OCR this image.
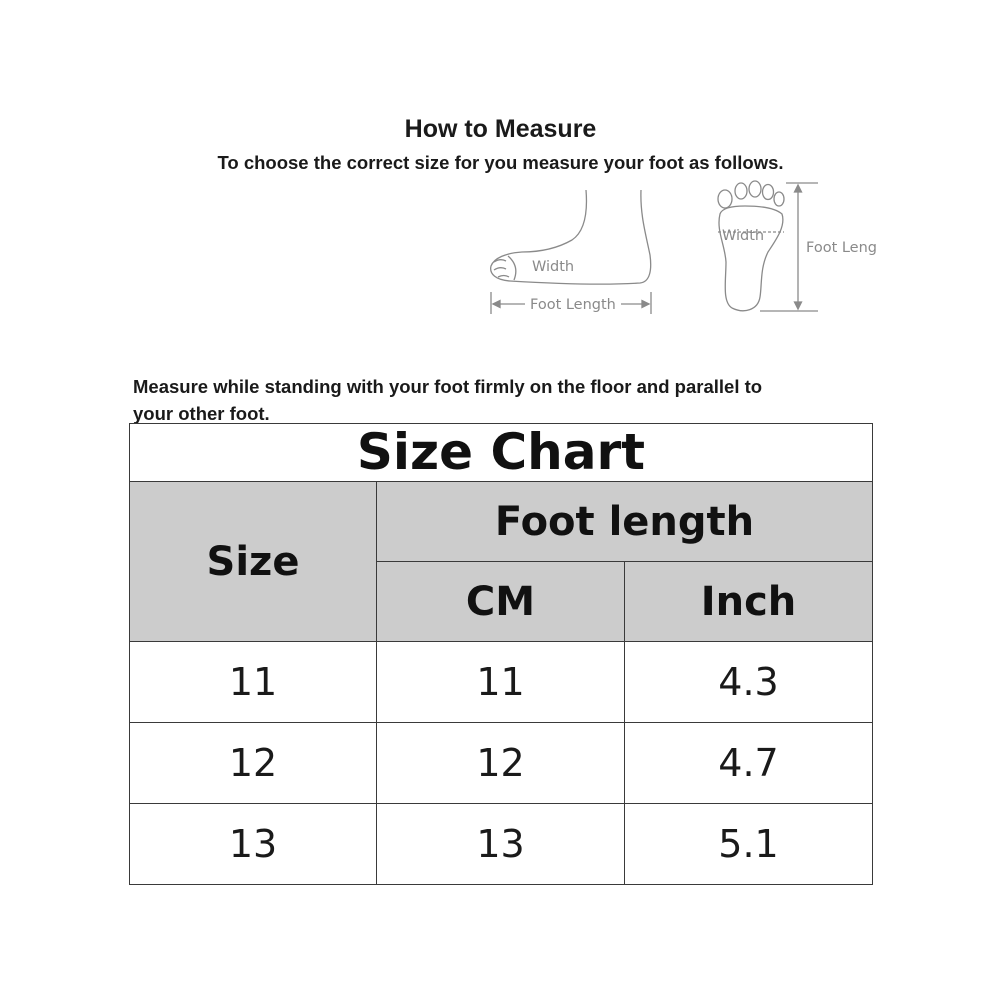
How to Measure
To choose the correct size for you measure your foot as follows.
Width
Foot Length
Width
Foot Leng
Measure while standing with your foot firmly on the floor and parallel to
your other foot.
Size Chart		
Size	Foot length	
	CM	Inch
11	11	4.3
12	12	4.7
13	13	5.1
